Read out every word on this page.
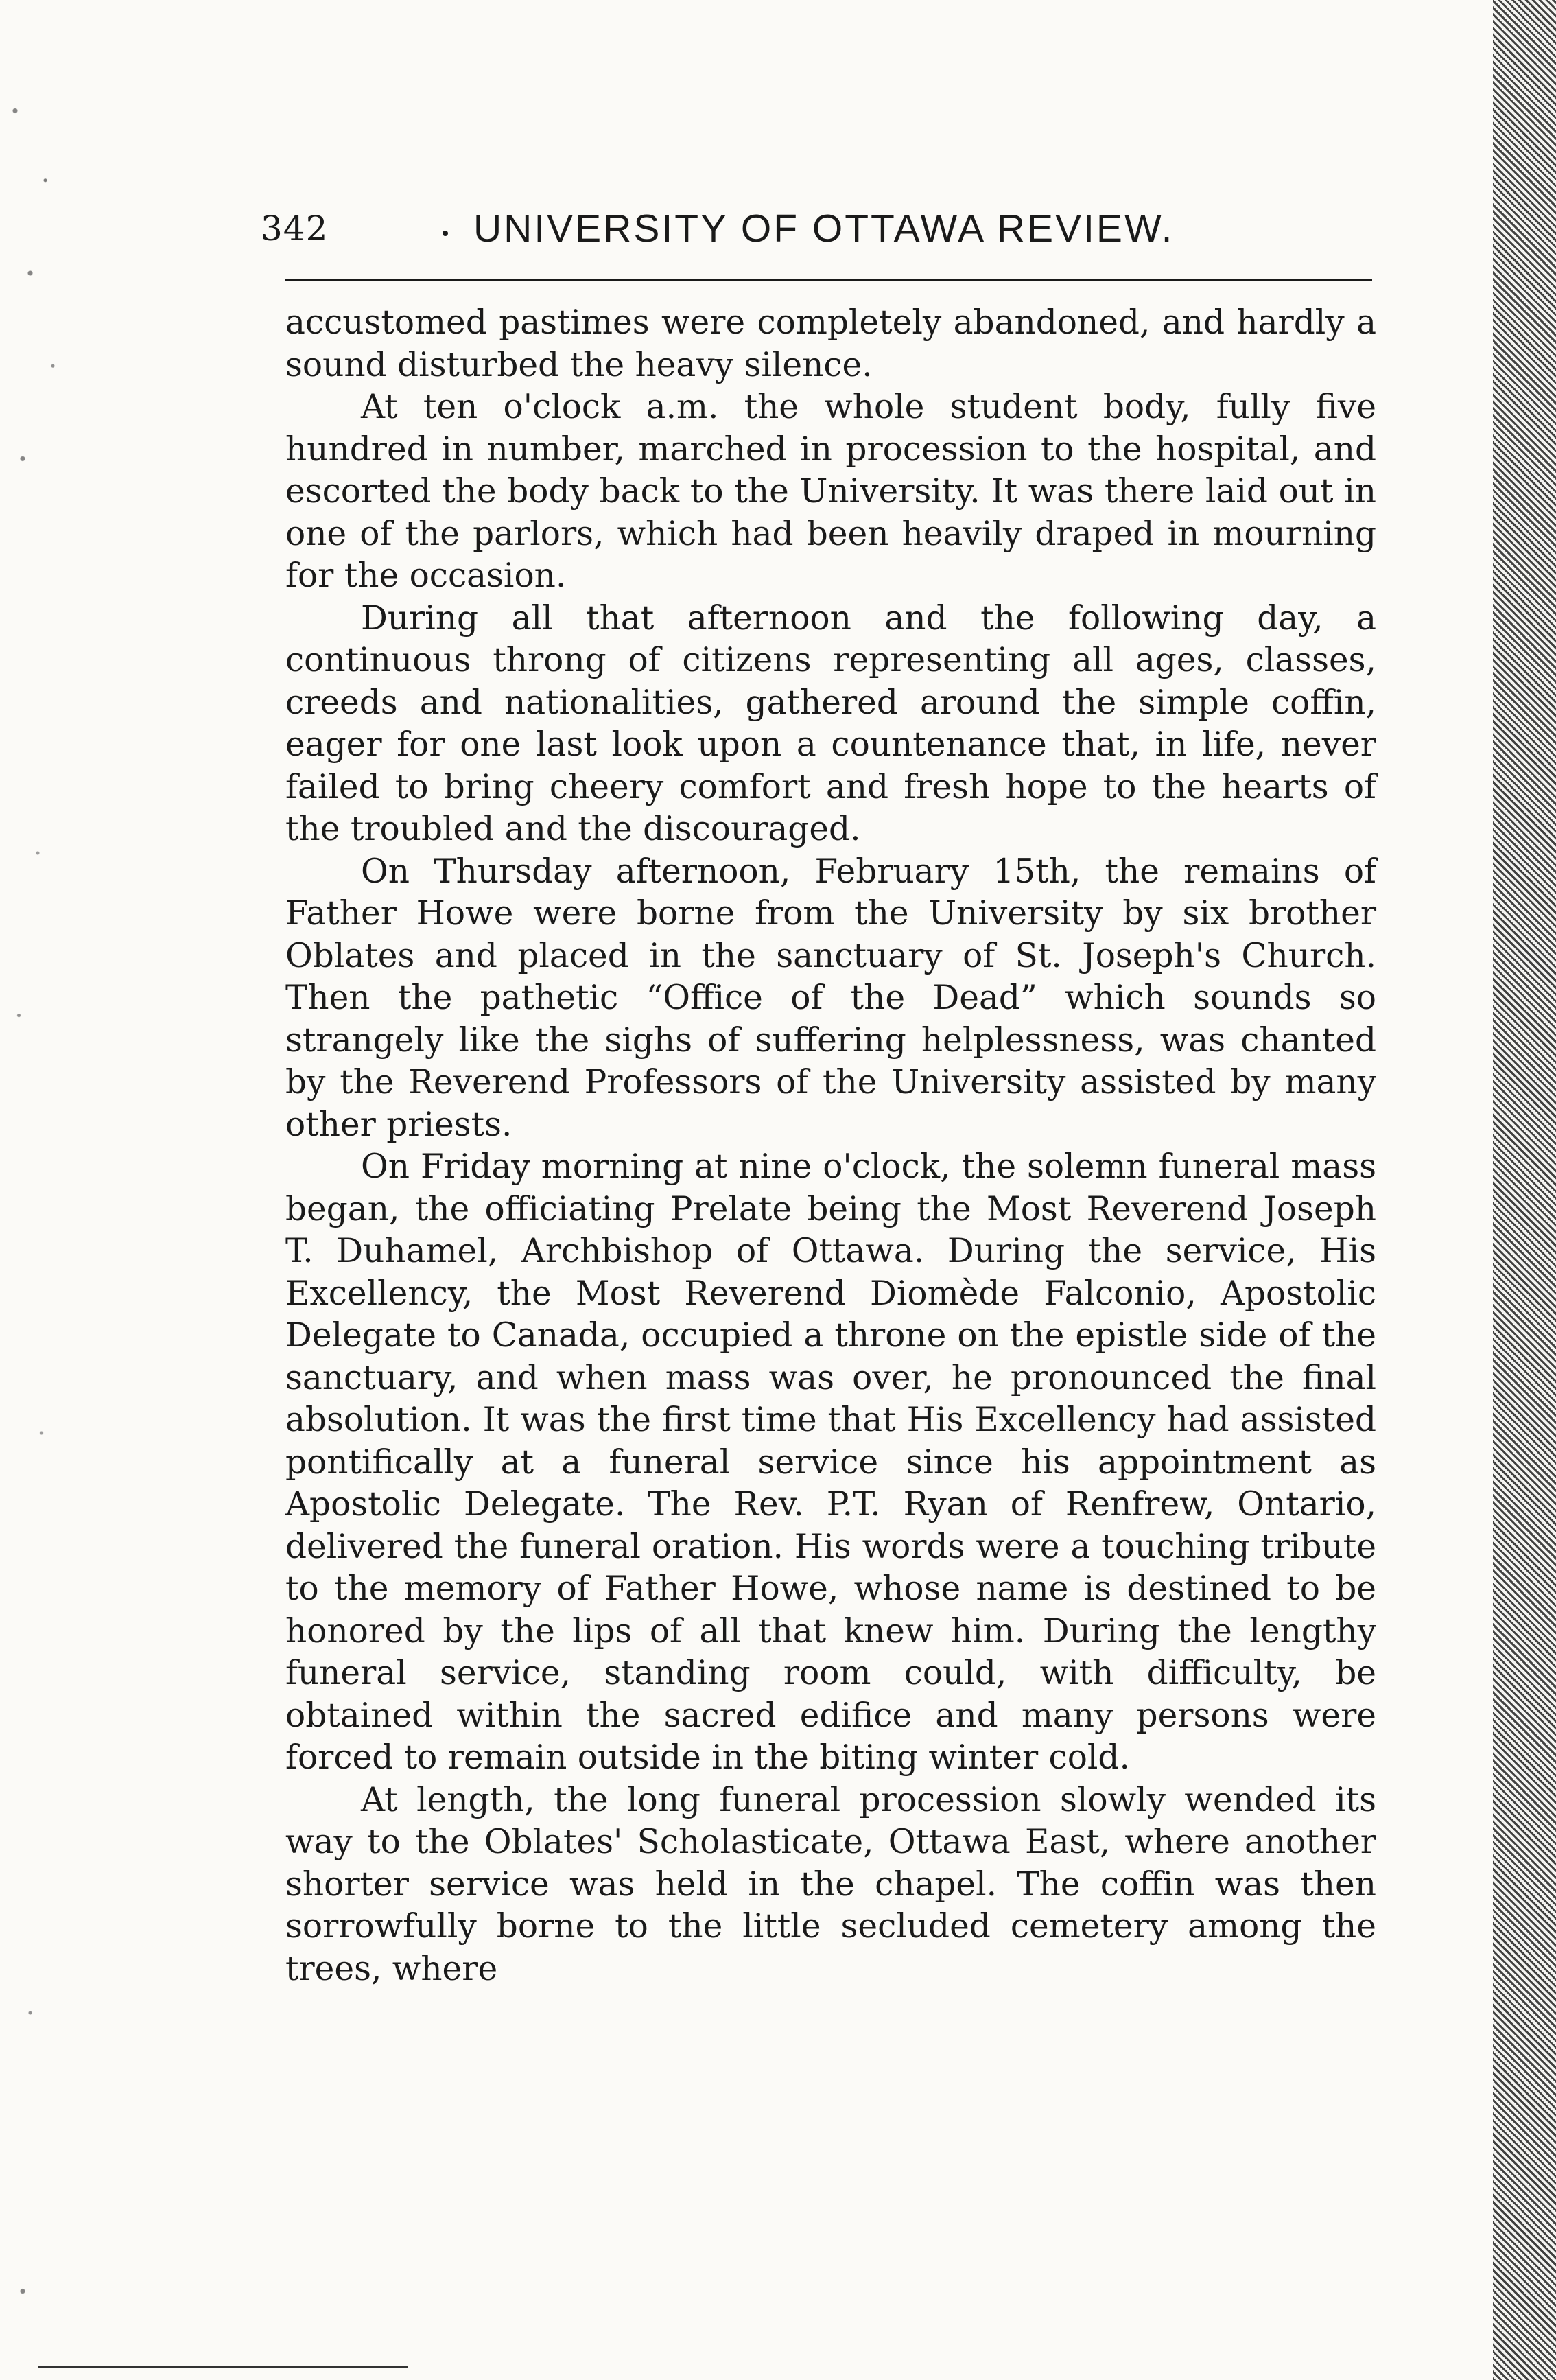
342	UNIVERSITY OF OTTAWA REVIEW.

accustomed pastimes were completely abandoned, and hardly a sound disturbed the heavy silence.

At ten o'clock a.m. the whole student body, fully five hundred in number, marched in procession to the hospital, and escorted the body back to the University. It was there laid out in one of the parlors, which had been heavily draped in mourning for the occasion.

During all that afternoon and the following day, a continuous throng of citizens representing all ages, classes, creeds and nationalities, gathered around the simple coffin, eager for one last look upon a countenance that, in life, never failed to bring cheery comfort and fresh hope to the hearts of the troubled and the discouraged.

On Thursday afternoon, February 15th, the remains of Father Howe were borne from the University by six brother Oblates and placed in the sanctuary of St. Joseph's Church. Then the pathetic “Office of the Dead” which sounds so strangely like the sighs of suffering helplessness, was chanted by the Reverend Professors of the University assisted by many other priests.

On Friday morning at nine o'clock, the solemn funeral mass began, the officiating Prelate being the Most Reverend Joseph T. Duhamel, Archbishop of Ottawa. During the service, His Excellency, the Most Reverend Diomède Falconio, Apostolic Delegate to Canada, occupied a throne on the epistle side of the sanctuary, and when mass was over, he pronounced the final absolution. It was the first time that His Excellency had assisted pontifically at a funeral service since his appointment as Apostolic Delegate. The Rev. P.T. Ryan of Renfrew, Ontario, delivered the funeral oration. His words were a touching tribute to the memory of Father Howe, whose name is destined to be honored by the lips of all that knew him. During the lengthy funeral service, standing room could, with difficulty, be obtained within the sacred edifice and many persons were forced to remain outside in the biting winter cold.

At length, the long funeral procession slowly wended its way to the Oblates' Scholasticate, Ottawa East, where another shorter service was held in the chapel. The coffin was then sorrowfully borne to the little secluded cemetery among the trees, where
